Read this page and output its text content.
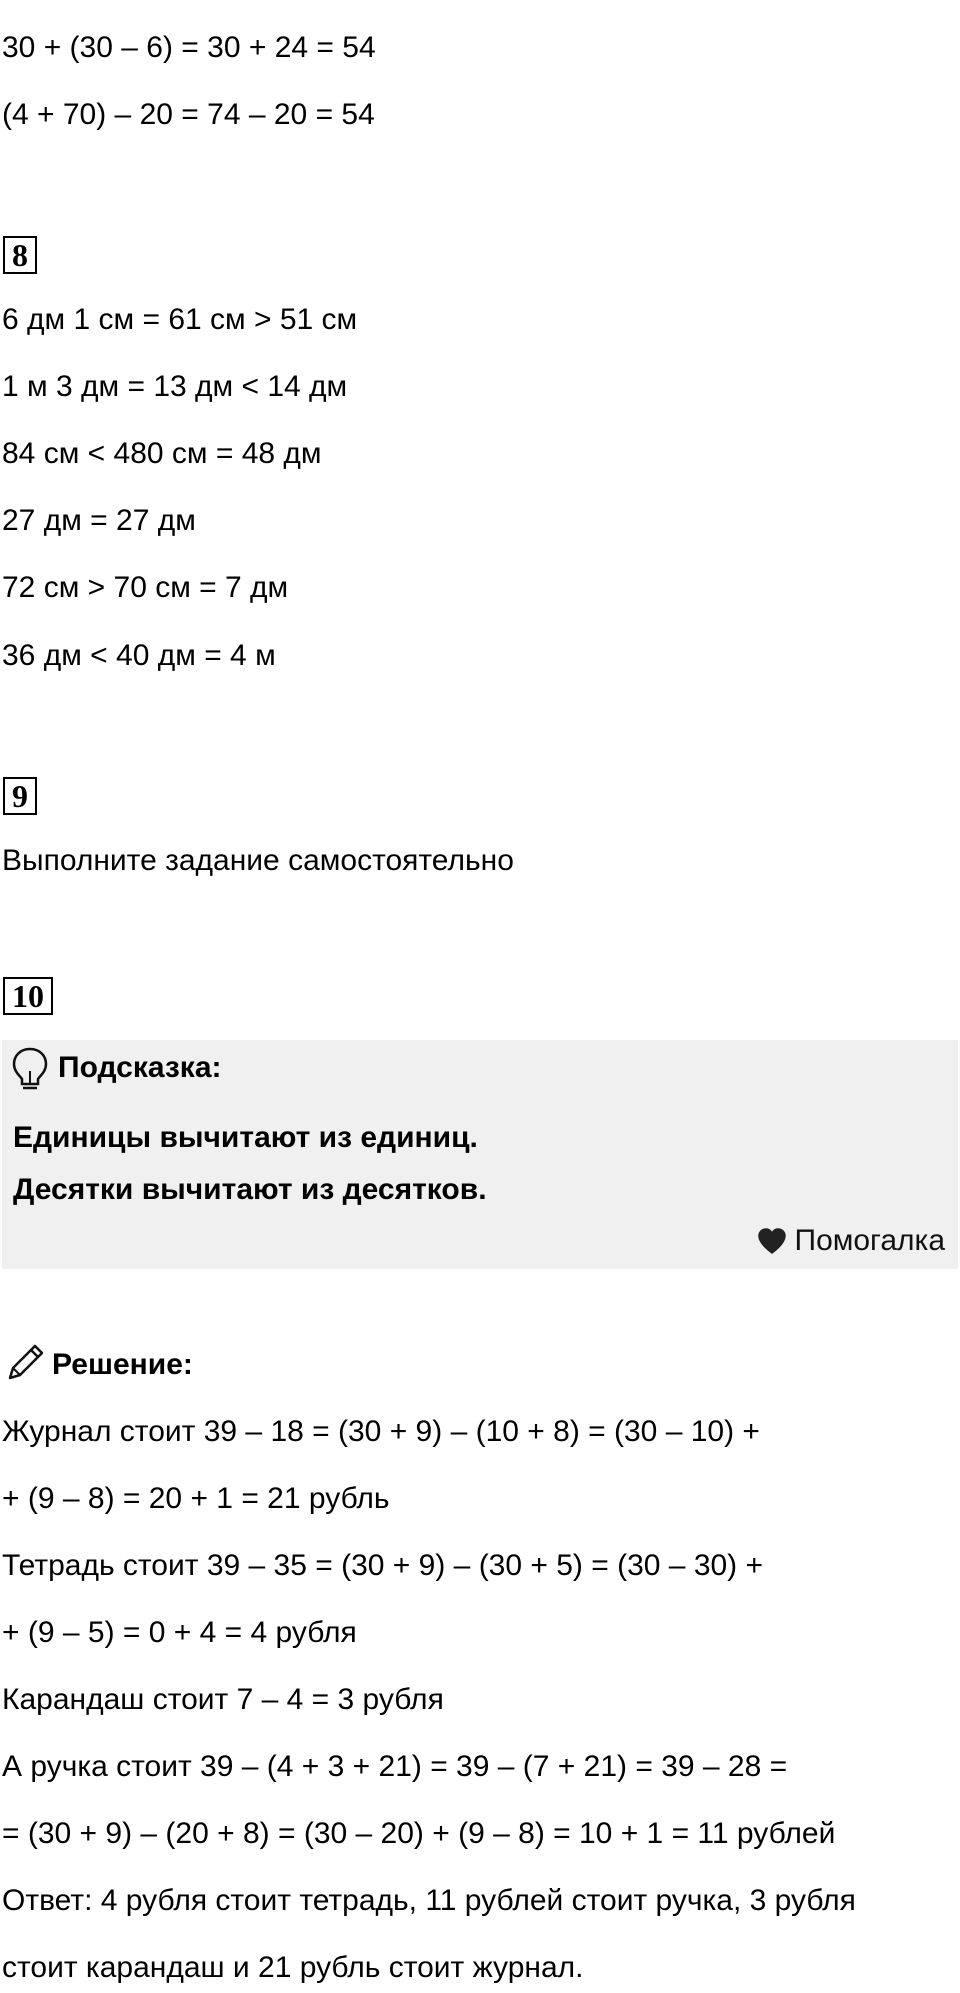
30 + (30 – 6) = 30 + 24 = 54
(4 + 70) – 20 = 74 – 20 = 54
8
6 дм 1 см = 61 см > 51 см
1 м 3 дм = 13 дм < 14 дм
84 см < 480 см = 48 дм
27 дм = 27 дм
72 см > 70 см = 7 дм
36 дм < 40 дм = 4 м
9
Выполните задание самостоятельно
10
Подсказка:
Единицы вычитают из единиц.
Десятки вычитают из десятков.
Помогалка
Решение:
Журнал стоит 39 – 18 = (30 + 9) – (10 + 8) = (30 – 10) +
+ (9 – 8) = 20 + 1 = 21 рубль
Тетрадь стоит 39 – 35 = (30 + 9) – (30 + 5) = (30 – 30) +
+ (9 – 5) = 0 + 4 = 4 рубля
Карандаш стоит 7 – 4 = 3 рубля
А ручка стоит 39 – (4 + 3 + 21) = 39 – (7 + 21) = 39 – 28 =
= (30 + 9) – (20 + 8) = (30 – 20) + (9 – 8) = 10 + 1 = 11 рублей
Ответ: 4 рубля стоит тетрадь, 11 рублей стоит ручка, 3 рубля
стоит карандаш и 21 рубль стоит журнал.
